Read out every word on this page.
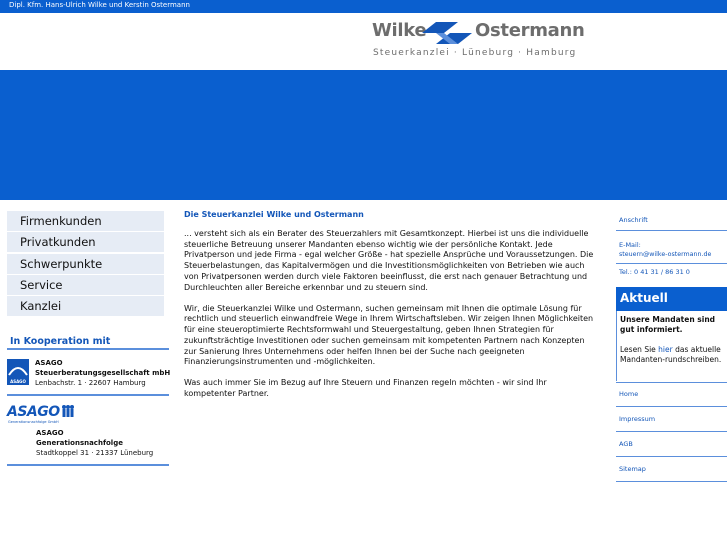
Dipl. Kfm. Hans-Ulrich Wilke und Kerstin Ostermann
Wilke	Ostermann
Steuerkanzlei · Lüneburg · Hamburg
Firmenkunden
Privatkunden
Schwerpunkte
Service
Kanzlei
In Kooperation mit
ASAGO
ASAGO
Steuerberatungsgesellschaft mbH
Lenbachstr. 1 · 22607 Hamburg
ASAGO
Generationsnachfolge GmbH
ASAGO
Generationsnachfolge
Stadtkoppel 31 · 21337 Lüneburg
Die Steuerkanzlei Wilke und Ostermann

... versteht sich als ein Berater des Steuerzahlers mit Gesamtkonzept. Hierbei ist uns die individuelle steuerliche Betreuung unserer Mandanten ebenso wichtig wie der persönliche Kontakt. Jede Privatperson und jede Firma - egal welcher Größe - hat spezielle Ansprüche und Voraussetzungen. Die Steuerbelastungen, das Kapitalvermögen und die Investitionsmöglichkeiten von Betrieben wie auch von Privatpersonen werden durch viele Faktoren beeinflusst, die erst nach genauer Betrachtung und Durchleuchten aller Bereiche erkennbar und zu steuern sind.

Wir, die Steuerkanzlei Wilke und Ostermann, suchen gemeinsam mit Ihnen die optimale Lösung für rechtlich und steuerlich einwandfreie Wege in Ihrem Wirtschaftsleben. Wir zeigen Ihnen Möglichkeiten für eine steueroptimierte Rechtsformwahl und Steuergestaltung, geben Ihnen Strategien für zukunftsträchtige Investitionen oder suchen gemeinsam mit kompetenten Partnern nach Konzepten zur Sanierung Ihres Unternehmens oder helfen Ihnen bei der Suche nach geeigneten Finanzierungsinstrumenten und -möglichkeiten.

Was auch immer Sie im Bezug auf Ihre Steuern und Finanzen regeln möchten - wir sind Ihr kompetenter Partner.

Anschrift
E-Mail:
steuern@wilke-ostermann.de
Tel.: 0 41 31 / 86 31 0
Aktuell
Unsere Mandaten sind gut informiert.
Lesen Sie hier das aktuelle Mandanten-rundschreiben.
Home
Impressum
AGB
Sitemap
